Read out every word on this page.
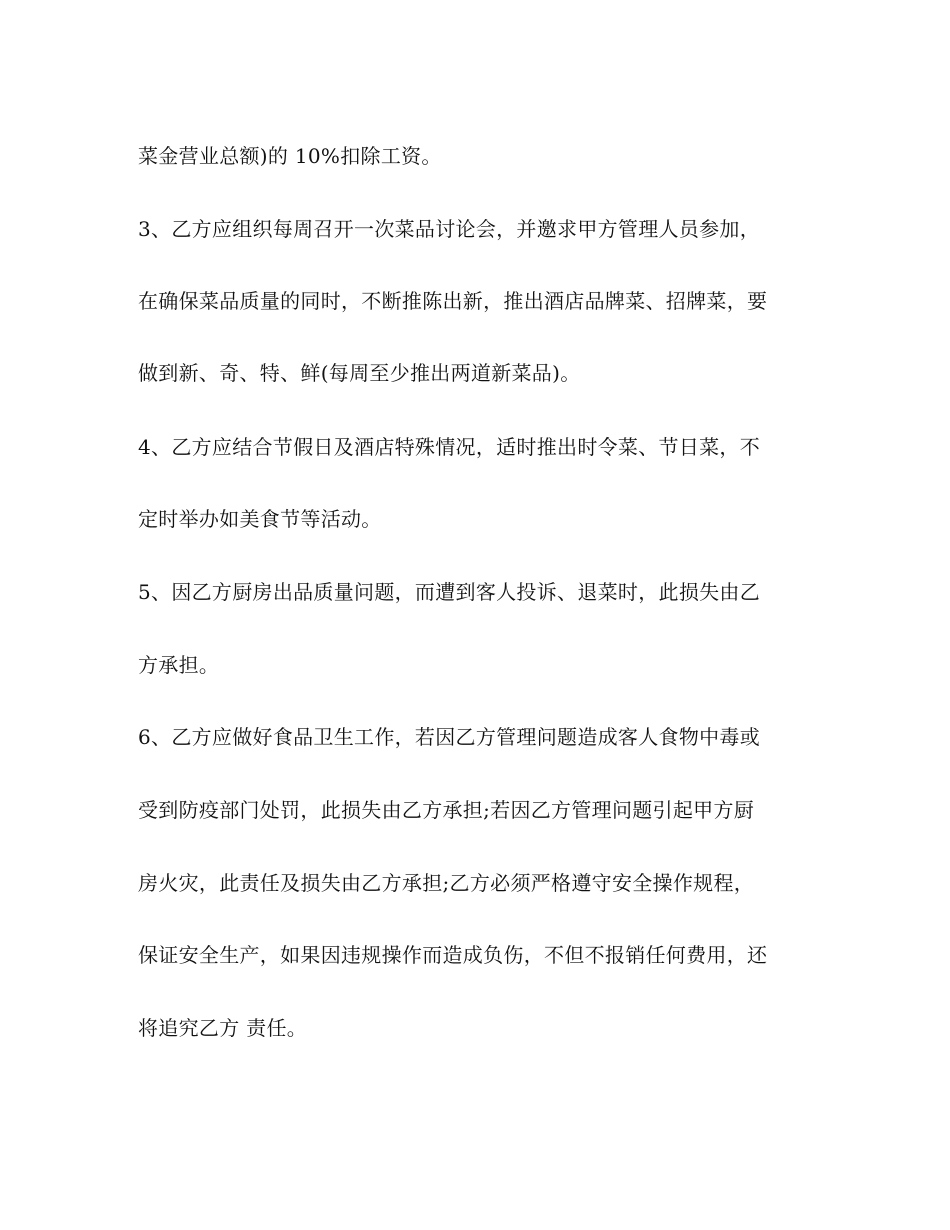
菜金营业总额)的 10%扣除工资。

3、乙方应组织每周召开一次菜品讨论会，并邀求甲方管理人员参加，

在确保菜品质量的同时，不断推陈出新，推出酒店品牌菜、招牌菜，要

做到新、奇、特、鲜(每周至少推出两道新菜品)。

4、乙方应结合节假日及酒店特殊情况，适时推出时令菜、节日菜，不

定时举办如美食节等活动。

5、因乙方厨房出品质量问题，而遭到客人投诉、退菜时，此损失由乙

方承担。

6、乙方应做好食品卫生工作，若因乙方管理问题造成客人食物中毒或

受到防疫部门处罚，此损失由乙方承担;若因乙方管理问题引起甲方厨

房火灾，此责任及损失由乙方承担;乙方必须严格遵守安全操作规程，

保证安全生产，如果因违规操作而造成负伤，不但不报销任何费用，还

将追究乙方 责任。
